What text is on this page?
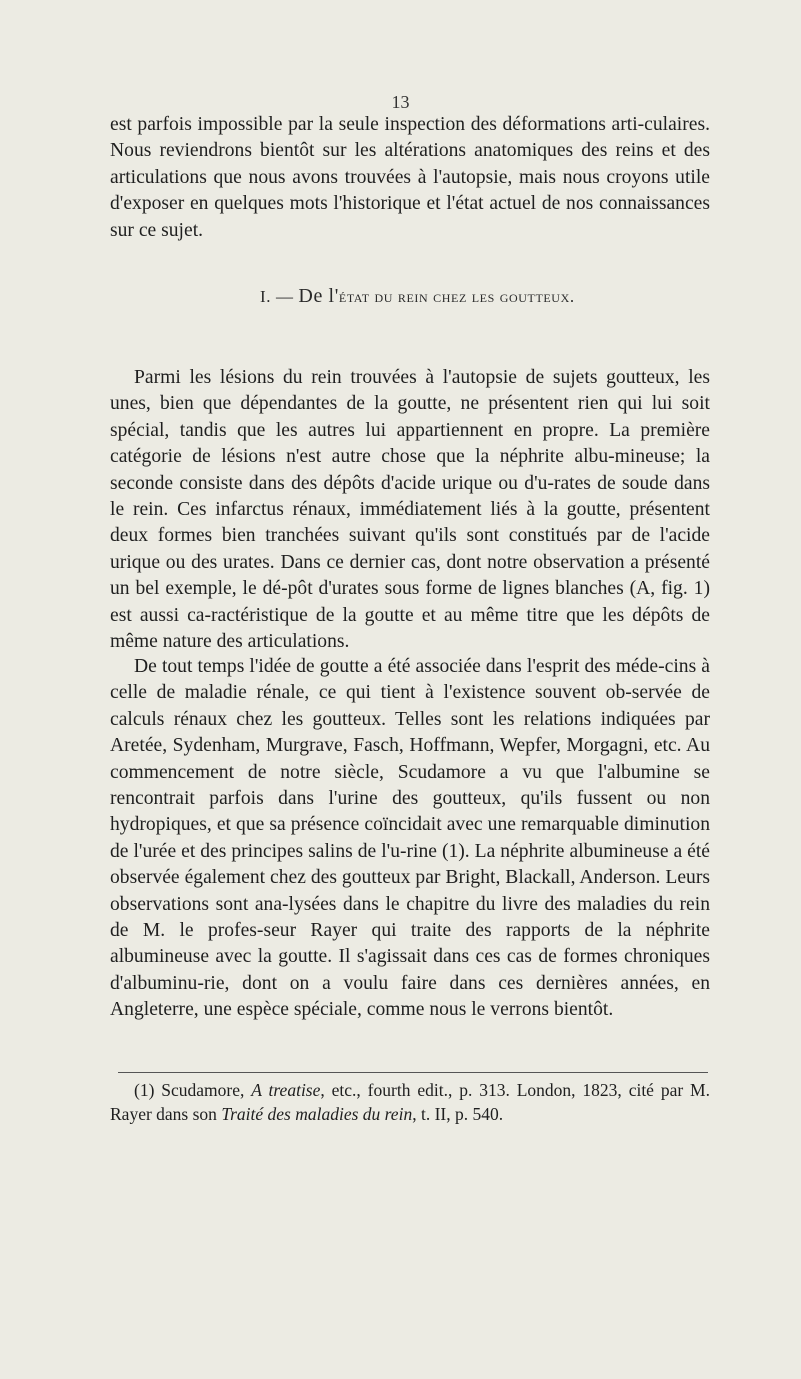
13

est parfois impossible par la seule inspection des déformations arti-culaires. Nous reviendrons bientôt sur les altérations anatomiques des reins et des articulations que nous avons trouvées à l'autopsie, mais nous croyons utile d'exposer en quelques mots l'historique et l'état actuel de nos connaissances sur ce sujet.

I. — De l'état du rein chez les goutteux.

Parmi les lésions du rein trouvées à l'autopsie de sujets goutteux, les unes, bien que dépendantes de la goutte, ne présentent rien qui lui soit spécial, tandis que les autres lui appartiennent en propre. La première catégorie de lésions n'est autre chose que la néphrite albu-mineuse; la seconde consiste dans des dépôts d'acide urique ou d'u-rates de soude dans le rein. Ces infarctus rénaux, immédiatement liés à la goutte, présentent deux formes bien tranchées suivant qu'ils sont constitués par de l'acide urique ou des urates. Dans ce dernier cas, dont notre observation a présenté un bel exemple, le dé-pôt d'urates sous forme de lignes blanches (A, fig. 1) est aussi ca-ractéristique de la goutte et au même titre que les dépôts de même nature des articulations.

De tout temps l'idée de goutte a été associée dans l'esprit des méde-cins à celle de maladie rénale, ce qui tient à l'existence souvent ob-servée de calculs rénaux chez les goutteux. Telles sont les relations indiquées par Aretée, Sydenham, Murgrave, Fasch, Hoffmann, Wepfer, Morgagni, etc. Au commencement de notre siècle, Scudamore a vu que l'albumine se rencontrait parfois dans l'urine des goutteux, qu'ils fussent ou non hydropiques, et que sa présence coïncidait avec une remarquable diminution de l'urée et des principes salins de l'u-rine (1). La néphrite albumineuse a été observée également chez des goutteux par Bright, Blackall, Anderson. Leurs observations sont ana-lysées dans le chapitre du livre des maladies du rein de M. le profes-seur Rayer qui traite des rapports de la néphrite albumineuse avec la goutte. Il s'agissait dans ces cas de formes chroniques d'albuminu-rie, dont on a voulu faire dans ces dernières années, en Angleterre, une espèce spéciale, comme nous le verrons bientôt.

(1) Scudamore, A treatise, etc., fourth edit., p. 313. London, 1823, cité par M. Rayer dans son Traité des maladies du rein, t. II, p. 540.
